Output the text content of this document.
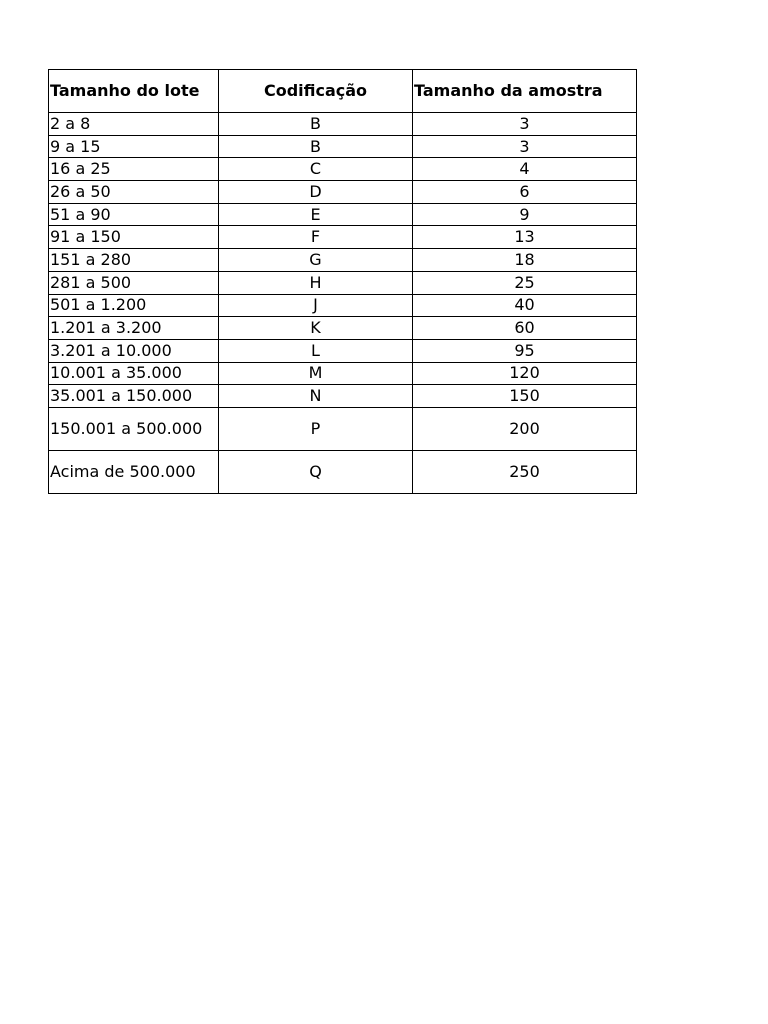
Tamanho do lote	Codificação	Tamanho da amostra
2 a 8	B	3
9 a 15	B	3
16 a 25	C	4
26 a 50	D	6
51 a 90	E	9
91 a 150	F	13
151 a 280	G	18
281 a 500	H	25
501 a 1.200	J	40
1.201 a 3.200	K	60
3.201 a 10.000	L	95
10.001 a 35.000	M	120
35.001 a 150.000	N	150
150.001 a 500.000	P	200
Acima de 500.000	Q	250
